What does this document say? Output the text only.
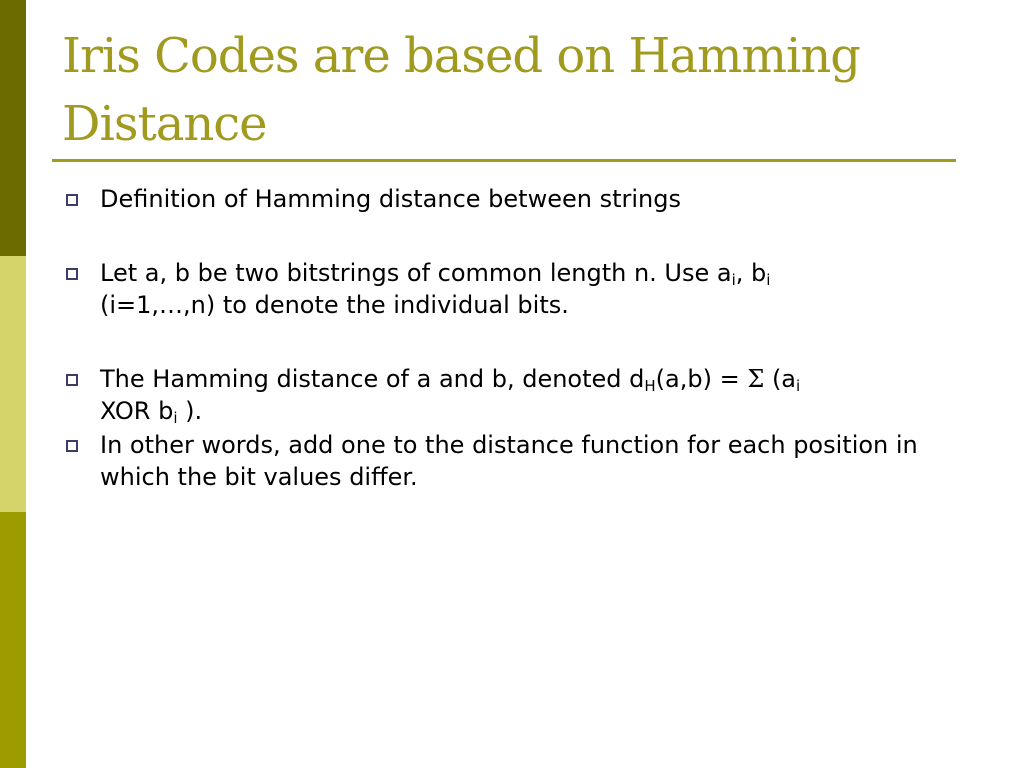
Iris Codes are based on Hamming
Distance
Definition of Hamming distance between strings
Let a, b be two bitstrings of common length n. Use $a_i$, $b_i$
(i=1,…,n) to denote the individual bits.
The Hamming distance of a and b, denoted $d_H(a,b) = \Sigma$ ($a_i$
XOR $b_i$ ).
In other words, add one to the distance function for each position in which the bit values differ.
